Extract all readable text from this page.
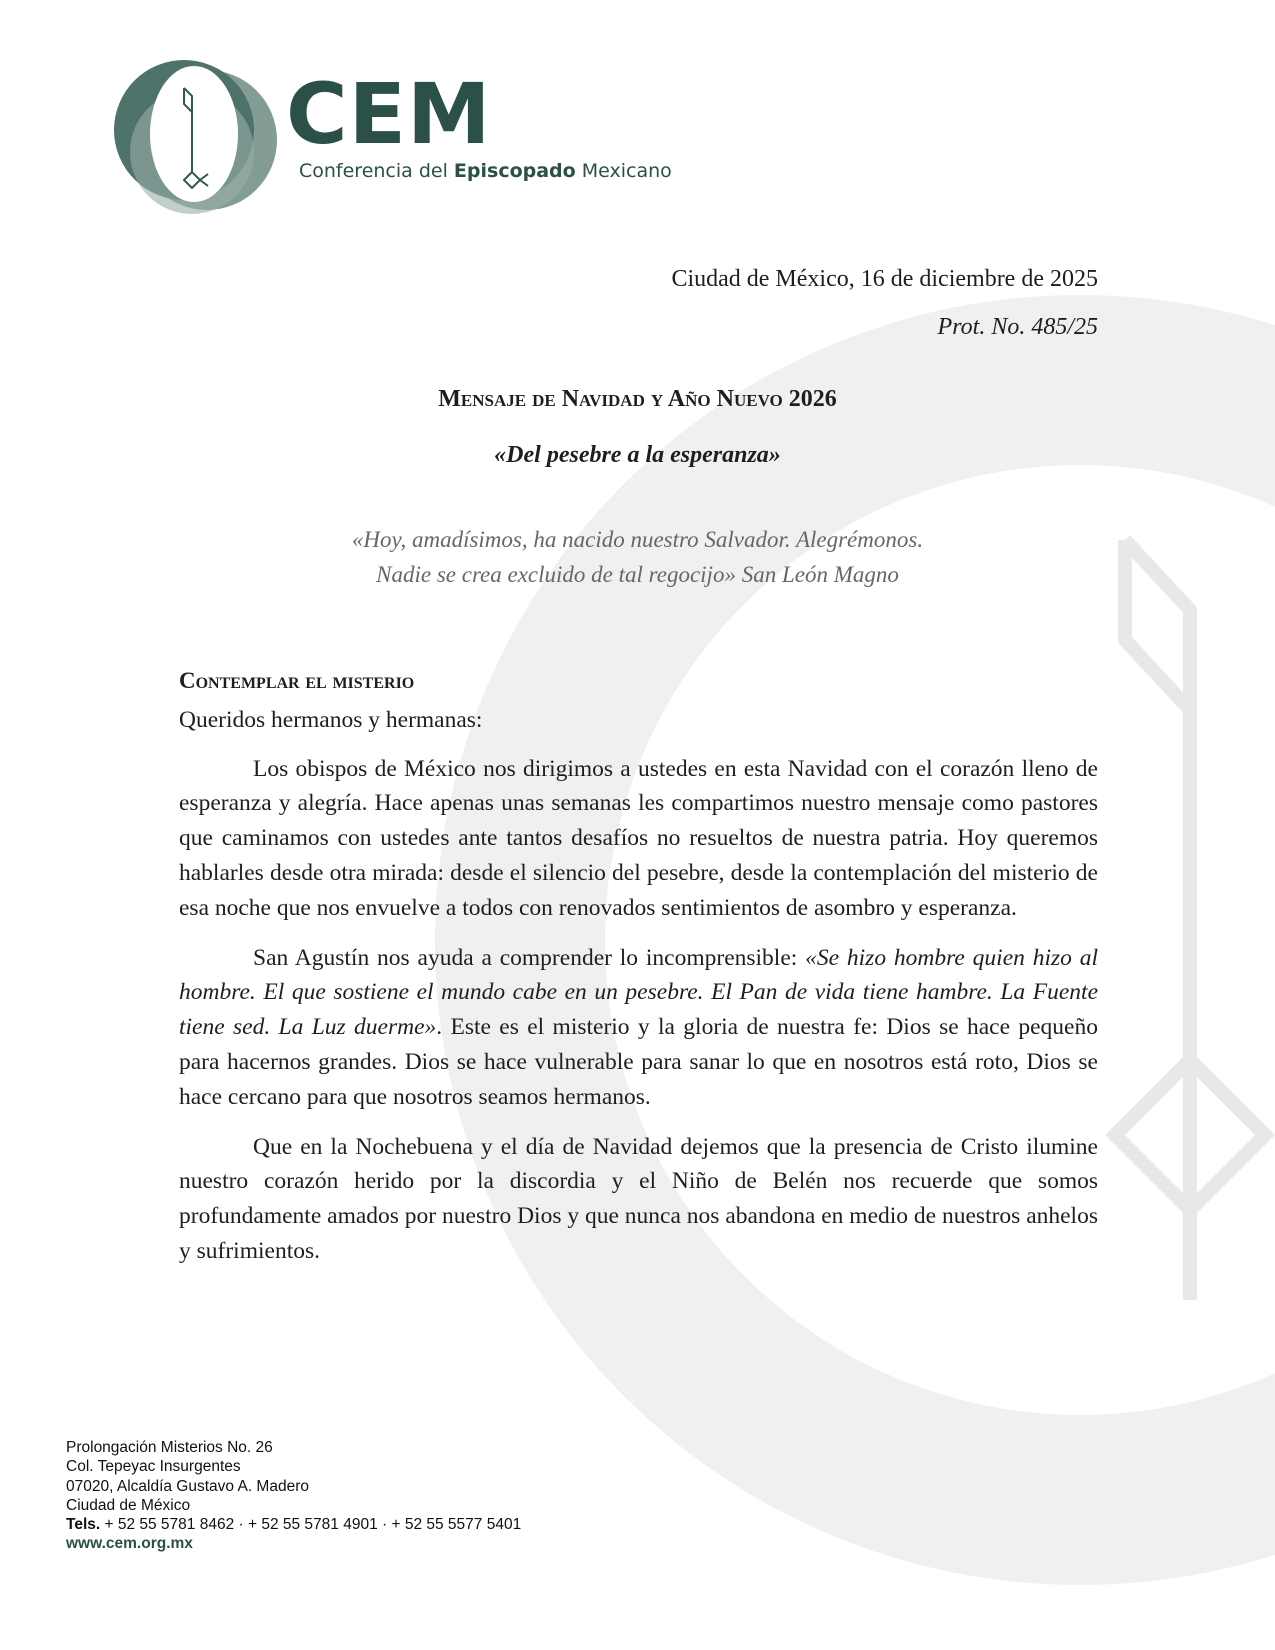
CEM
Conferencia del Episcopado Mexicano
Ciudad de México, 16 de diciembre de 2025
Prot. No. 485/25
Mensaje de Navidad y Año Nuevo 2026
«Del pesebre a la esperanza»
«Hoy, amadísimos, ha nacido nuestro Salvador. Alegrémonos.
Nadie se crea excluido de tal regocijo» San León Magno
Contemplar el misterio
Queridos hermanos y hermanas:

Los obispos de México nos dirigimos a ustedes en esta Navidad con el corazón lleno de esperanza y alegría. Hace apenas unas semanas les compartimos nuestro mensaje como pastores que caminamos con ustedes ante tantos desafíos no resueltos de nuestra patria. Hoy queremos hablarles desde otra mirada: desde el silencio del pesebre, desde la contemplación del misterio de esa noche que nos envuelve a todos con renovados sentimientos de asombro y esperanza.

San Agustín nos ayuda a comprender lo incomprensible: «Se hizo hombre quien hizo al hombre. El que sostiene el mundo cabe en un pesebre. El Pan de vida tiene hambre. La Fuente tiene sed. La Luz duerme». Este es el misterio y la gloria de nuestra fe: Dios se hace pequeño para hacernos grandes. Dios se hace vulnerable para sanar lo que en nosotros está roto, Dios se hace cercano para que nosotros seamos hermanos.

Que en la Nochebuena y el día de Navidad dejemos que la presencia de Cristo ilumine nuestro corazón herido por la discordia y el Niño de Belén nos recuerde que somos profundamente amados por nuestro Dios y que nunca nos abandona en medio de nuestros anhelos y sufrimientos.

Prolongación Misterios No. 26
Col. Tepeyac Insurgentes
07020, Alcaldía Gustavo A. Madero
Ciudad de México
Tels. + 52 55 5781 8462 · + 52 55 5781 4901 · + 52 55 5577 5401
www.cem.org.mx
